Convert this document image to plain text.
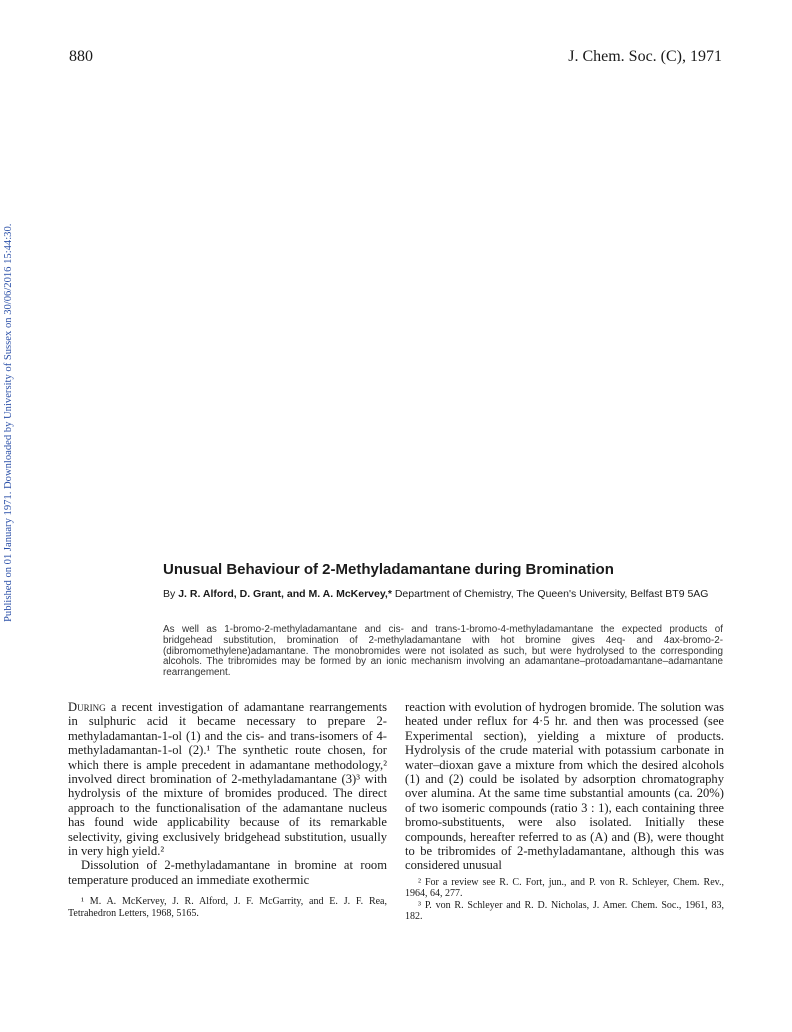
880	J. Chem. Soc. (C), 1971
Published on 01 January 1971. Downloaded by University of Sussex on 30/06/2016 15:44:30.	Unusual Behaviour of 2-Methyladamantane during Bromination
By J. R. Alford, D. Grant, and M. A. McKervey,* Department of Chemistry, The Queen's University, Belfast BT9 5AG
As well as 1-bromo-2-methyladamantane and cis- and trans-1-bromo-4-methyladamantane the expected products of bridgehead substitution, bromination of 2-methyladamantane with hot bromine gives 4eq- and 4ax-bromo-2-(dibromomethylene)adamantane. The monobromides were not isolated as such, but were hydrolysed to the corresponding alcohols. The tribromides may be formed by an ionic mechanism involving an adamantane–protoadamantane–adamantane rearrangement.

During a recent investigation of adamantane rearrangements in sulphuric acid it became necessary to prepare 2-methyladamantan-1-ol (1) and the cis- and trans-isomers of 4-methyladamantan-1-ol (2).¹ The synthetic route chosen, for which there is ample precedent in adamantane methodology,² involved direct bromination of 2-methyladamantane (3)³ with hydrolysis of the mixture of bromides produced. The direct approach to the functionalisation of the adamantane nucleus has found wide applicability because of its remarkable selectivity, giving exclusively bridgehead substitution, usually in very high yield.²

Dissolution of 2-methyladamantane in bromine at room temperature produced an immediate exothermic

¹ M. A. McKervey, J. R. Alford, J. F. McGarrity, and E. J. F. Rea, Tetrahedron Letters, 1968, 5165.

reaction with evolution of hydrogen bromide. The solution was heated under reflux for 4·5 hr. and then was processed (see Experimental section), yielding a mixture of products. Hydrolysis of the crude material with potassium carbonate in water–dioxan gave a mixture from which the desired alcohols (1) and (2) could be isolated by adsorption chromatography over alumina. At the same time substantial amounts (ca. 20%) of two isomeric compounds (ratio 3 : 1), each containing three bromo-substituents, were also isolated. Initially these compounds, hereafter referred to as (A) and (B), were thought to be tribromides of 2-methyladamantane, although this was considered unusual

² For a review see R. C. Fort, jun., and P. von R. Schleyer, Chem. Rev., 1964, 64, 277.
³ P. von R. Schleyer and R. D. Nicholas, J. Amer. Chem. Soc., 1961, 83, 182.
